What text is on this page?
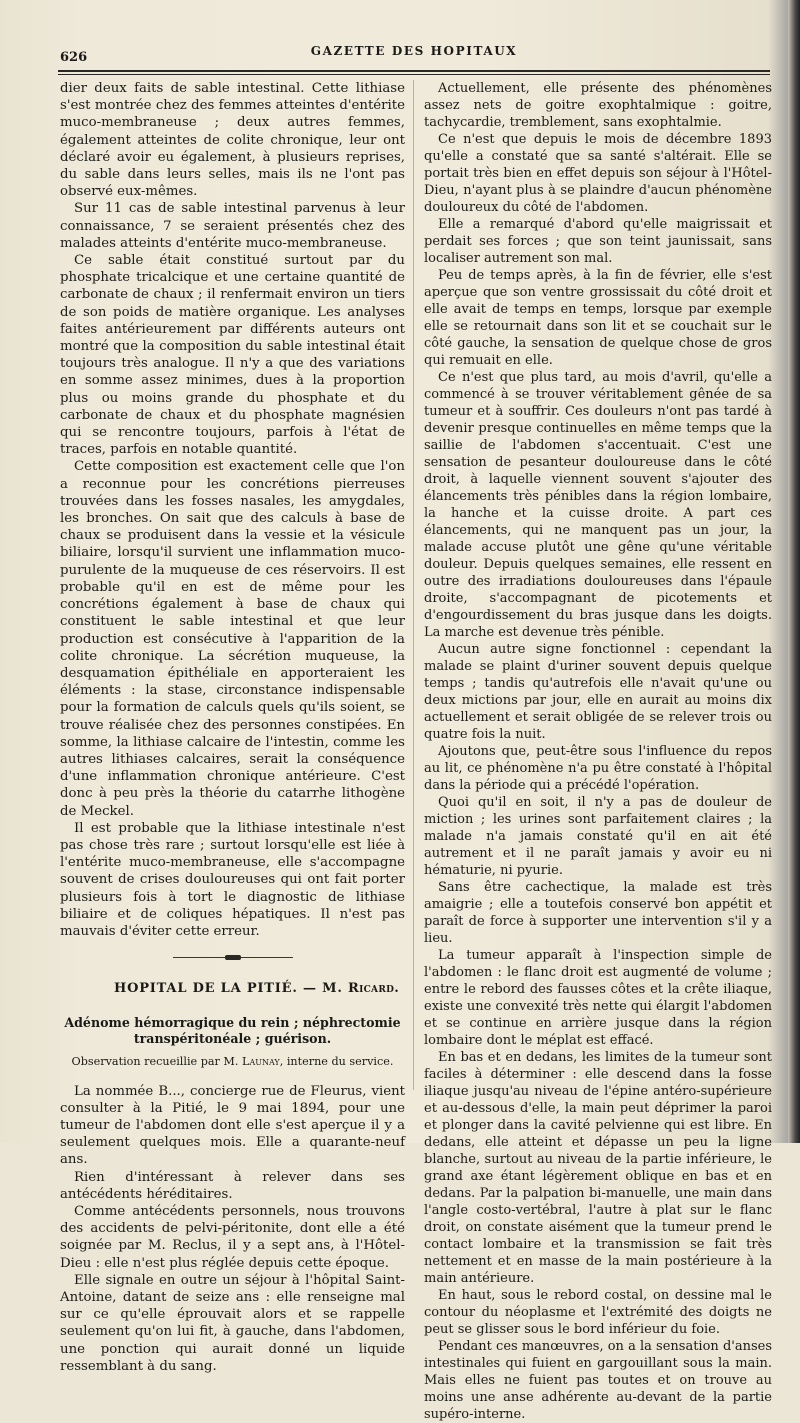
626	GAZETTE DES HOPITAUX

dier deux faits de sable intestinal. Cette lithiase s'est montrée chez des femmes atteintes d'entérite muco-membraneuse ; deux autres femmes, également atteintes de colite chronique, leur ont déclaré avoir eu également, à plusieurs reprises, du sable dans leurs selles, mais ils ne l'ont pas observé eux-mêmes.

Sur 11 cas de sable intestinal parvenus à leur connaissance, 7 se seraient présentés chez des malades atteints d'entérite muco-membraneuse.

Ce sable était constitué surtout par du phosphate tricalcique et une certaine quantité de carbonate de chaux ; il renfermait environ un tiers de son poids de matière organique. Les analyses faites antérieurement par différents auteurs ont montré que la composition du sable intestinal était toujours très analogue. Il n'y a que des variations en somme assez minimes, dues à la proportion plus ou moins grande du phosphate et du carbonate de chaux et du phosphate magnésien qui se rencontre toujours, parfois à l'état de traces, parfois en notable quantité.

Cette composition est exactement celle que l'on a reconnue pour les concrétions pierreuses trouvées dans les fosses nasales, les amygdales, les bronches. On sait que des calculs à base de chaux se produisent dans la vessie et la vésicule biliaire, lorsqu'il survient une inflammation muco-purulente de la muqueuse de ces réservoirs. Il est probable qu'il en est de même pour les concrétions également à base de chaux qui constituent le sable intestinal et que leur production est consécutive à l'apparition de la colite chronique. La sécrétion muqueuse, la desquamation épithéliale en apporteraient les éléments : la stase, circonstance indispensable pour la formation de calculs quels qu'ils soient, se trouve réalisée chez des personnes constipées. En somme, la lithiase calcaire de l'intestin, comme les autres lithiases calcaires, serait la conséquence d'une inflammation chronique antérieure. C'est donc à peu près la théorie du catarrhe lithogène de Meckel.

Il est probable que la lithiase intestinale n'est pas chose très rare ; surtout lorsqu'elle est liée à l'entérite muco-membraneuse, elle s'accompagne souvent de crises douloureuses qui ont fait porter plusieurs fois à tort le diagnostic de lithiase biliaire et de coliques hépatiques. Il n'est pas mauvais d'éviter cette erreur.

HOPITAL DE LA PITIÉ. — M. Ricard.
Adénome hémorragique du rein ; néphrectomie
transpéritonéale ; guérison.
Observation recueillie par M. Launay, interne du service.

La nommée B..., concierge rue de Fleurus, vient consulter à la Pitié, le 9 mai 1894, pour une tumeur de l'abdomen dont elle s'est aperçue il y a seulement quelques mois. Elle a quarante-neuf ans.

Rien d'intéressant à relever dans ses antécédents héréditaires.

Comme antécédents personnels, nous trouvons des accidents de pelvi-péritonite, dont elle a été soignée par M. Reclus, il y a sept ans, à l'Hôtel-Dieu : elle n'est plus réglée depuis cette époque.

Elle signale en outre un séjour à l'hôpital Saint-Antoine, datant de seize ans : elle renseigne mal sur ce qu'elle éprouvait alors et se rappelle seulement qu'on lui fit, à gauche, dans l'abdomen, une ponction qui aurait donné un liquide ressemblant à du sang.

Actuellement, elle présente des phénomènes assez nets de goitre exophtalmique : goitre, tachycardie, tremblement, sans exophtalmie.

Ce n'est que depuis le mois de décembre 1893 qu'elle a constaté que sa santé s'altérait. Elle se portait très bien en effet depuis son séjour à l'Hôtel-Dieu, n'ayant plus à se plaindre d'aucun phénomène douloureux du côté de l'abdomen.

Elle a remarqué d'abord qu'elle maigrissait et perdait ses forces ; que son teint jaunissait, sans localiser autrement son mal.

Peu de temps après, à la fin de février, elle s'est aperçue que son ventre grossissait du côté droit et elle avait de temps en temps, lorsque par exemple elle se retournait dans son lit et se couchait sur le côté gauche, la sensation de quelque chose de gros qui remuait en elle.

Ce n'est que plus tard, au mois d'avril, qu'elle a commencé à se trouver véritablement gênée de sa tumeur et à souffrir. Ces douleurs n'ont pas tardé à devenir presque continuelles en même temps que la saillie de l'abdomen s'accentuait. C'est une sensation de pesanteur douloureuse dans le côté droit, à laquelle viennent souvent s'ajouter des élancements très pénibles dans la région lombaire, la hanche et la cuisse droite. A part ces élancements, qui ne manquent pas un jour, la malade accuse plutôt une gêne qu'une véritable douleur. Depuis quelques semaines, elle ressent en outre des irradiations douloureuses dans l'épaule droite, s'accompagnant de picotements et d'engourdissement du bras jusque dans les doigts. La marche est devenue très pénible.

Aucun autre signe fonctionnel : cependant la malade se plaint d'uriner souvent depuis quelque temps ; tandis qu'autrefois elle n'avait qu'une ou deux mictions par jour, elle en aurait au moins dix actuellement et serait obligée de se relever trois ou quatre fois la nuit.

Ajoutons que, peut-être sous l'influence du repos au lit, ce phénomène n'a pu être constaté à l'hôpital dans la période qui a précédé l'opération.

Quoi qu'il en soit, il n'y a pas de douleur de miction ; les urines sont parfaitement claires ; la malade n'a jamais constaté qu'il en ait été autrement et il ne paraît jamais y avoir eu ni hématurie, ni pyurie.

Sans être cachectique, la malade est très amaigrie ; elle a toutefois conservé bon appétit et paraît de force à supporter une intervention s'il y a lieu.

La tumeur apparaît à l'inspection simple de l'abdomen : le flanc droit est augmenté de volume ; entre le rebord des fausses côtes et la crête iliaque, existe une convexité très nette qui élargit l'abdomen et se continue en arrière jusque dans la région lombaire dont le méplat est effacé.

En bas et en dedans, les limites de la tumeur sont faciles à déterminer : elle descend dans la fosse iliaque jusqu'au niveau de l'épine antéro-supérieure et au-dessous d'elle, la main peut déprimer la paroi et plonger dans la cavité pelvienne qui est libre. En dedans, elle atteint et dépasse un peu la ligne blanche, surtout au niveau de la partie inférieure, le grand axe étant légèrement oblique en bas et en dedans. Par la palpation bi-manuelle, une main dans l'angle costo-vertébral, l'autre à plat sur le flanc droit, on constate aisément que la tumeur prend le contact lombaire et la transmission se fait très nettement et en masse de la main postérieure à la main antérieure.

En haut, sous le rebord costal, on dessine mal le contour du néoplasme et l'extrémité des doigts ne peut se glisser sous le bord inférieur du foie.

Pendant ces manœuvres, on a la sensation d'anses intestinales qui fuient en gargouillant sous la main. Mais elles ne fuient pas toutes et on trouve au moins une anse adhérente au-devant de la partie supéro-interne.
